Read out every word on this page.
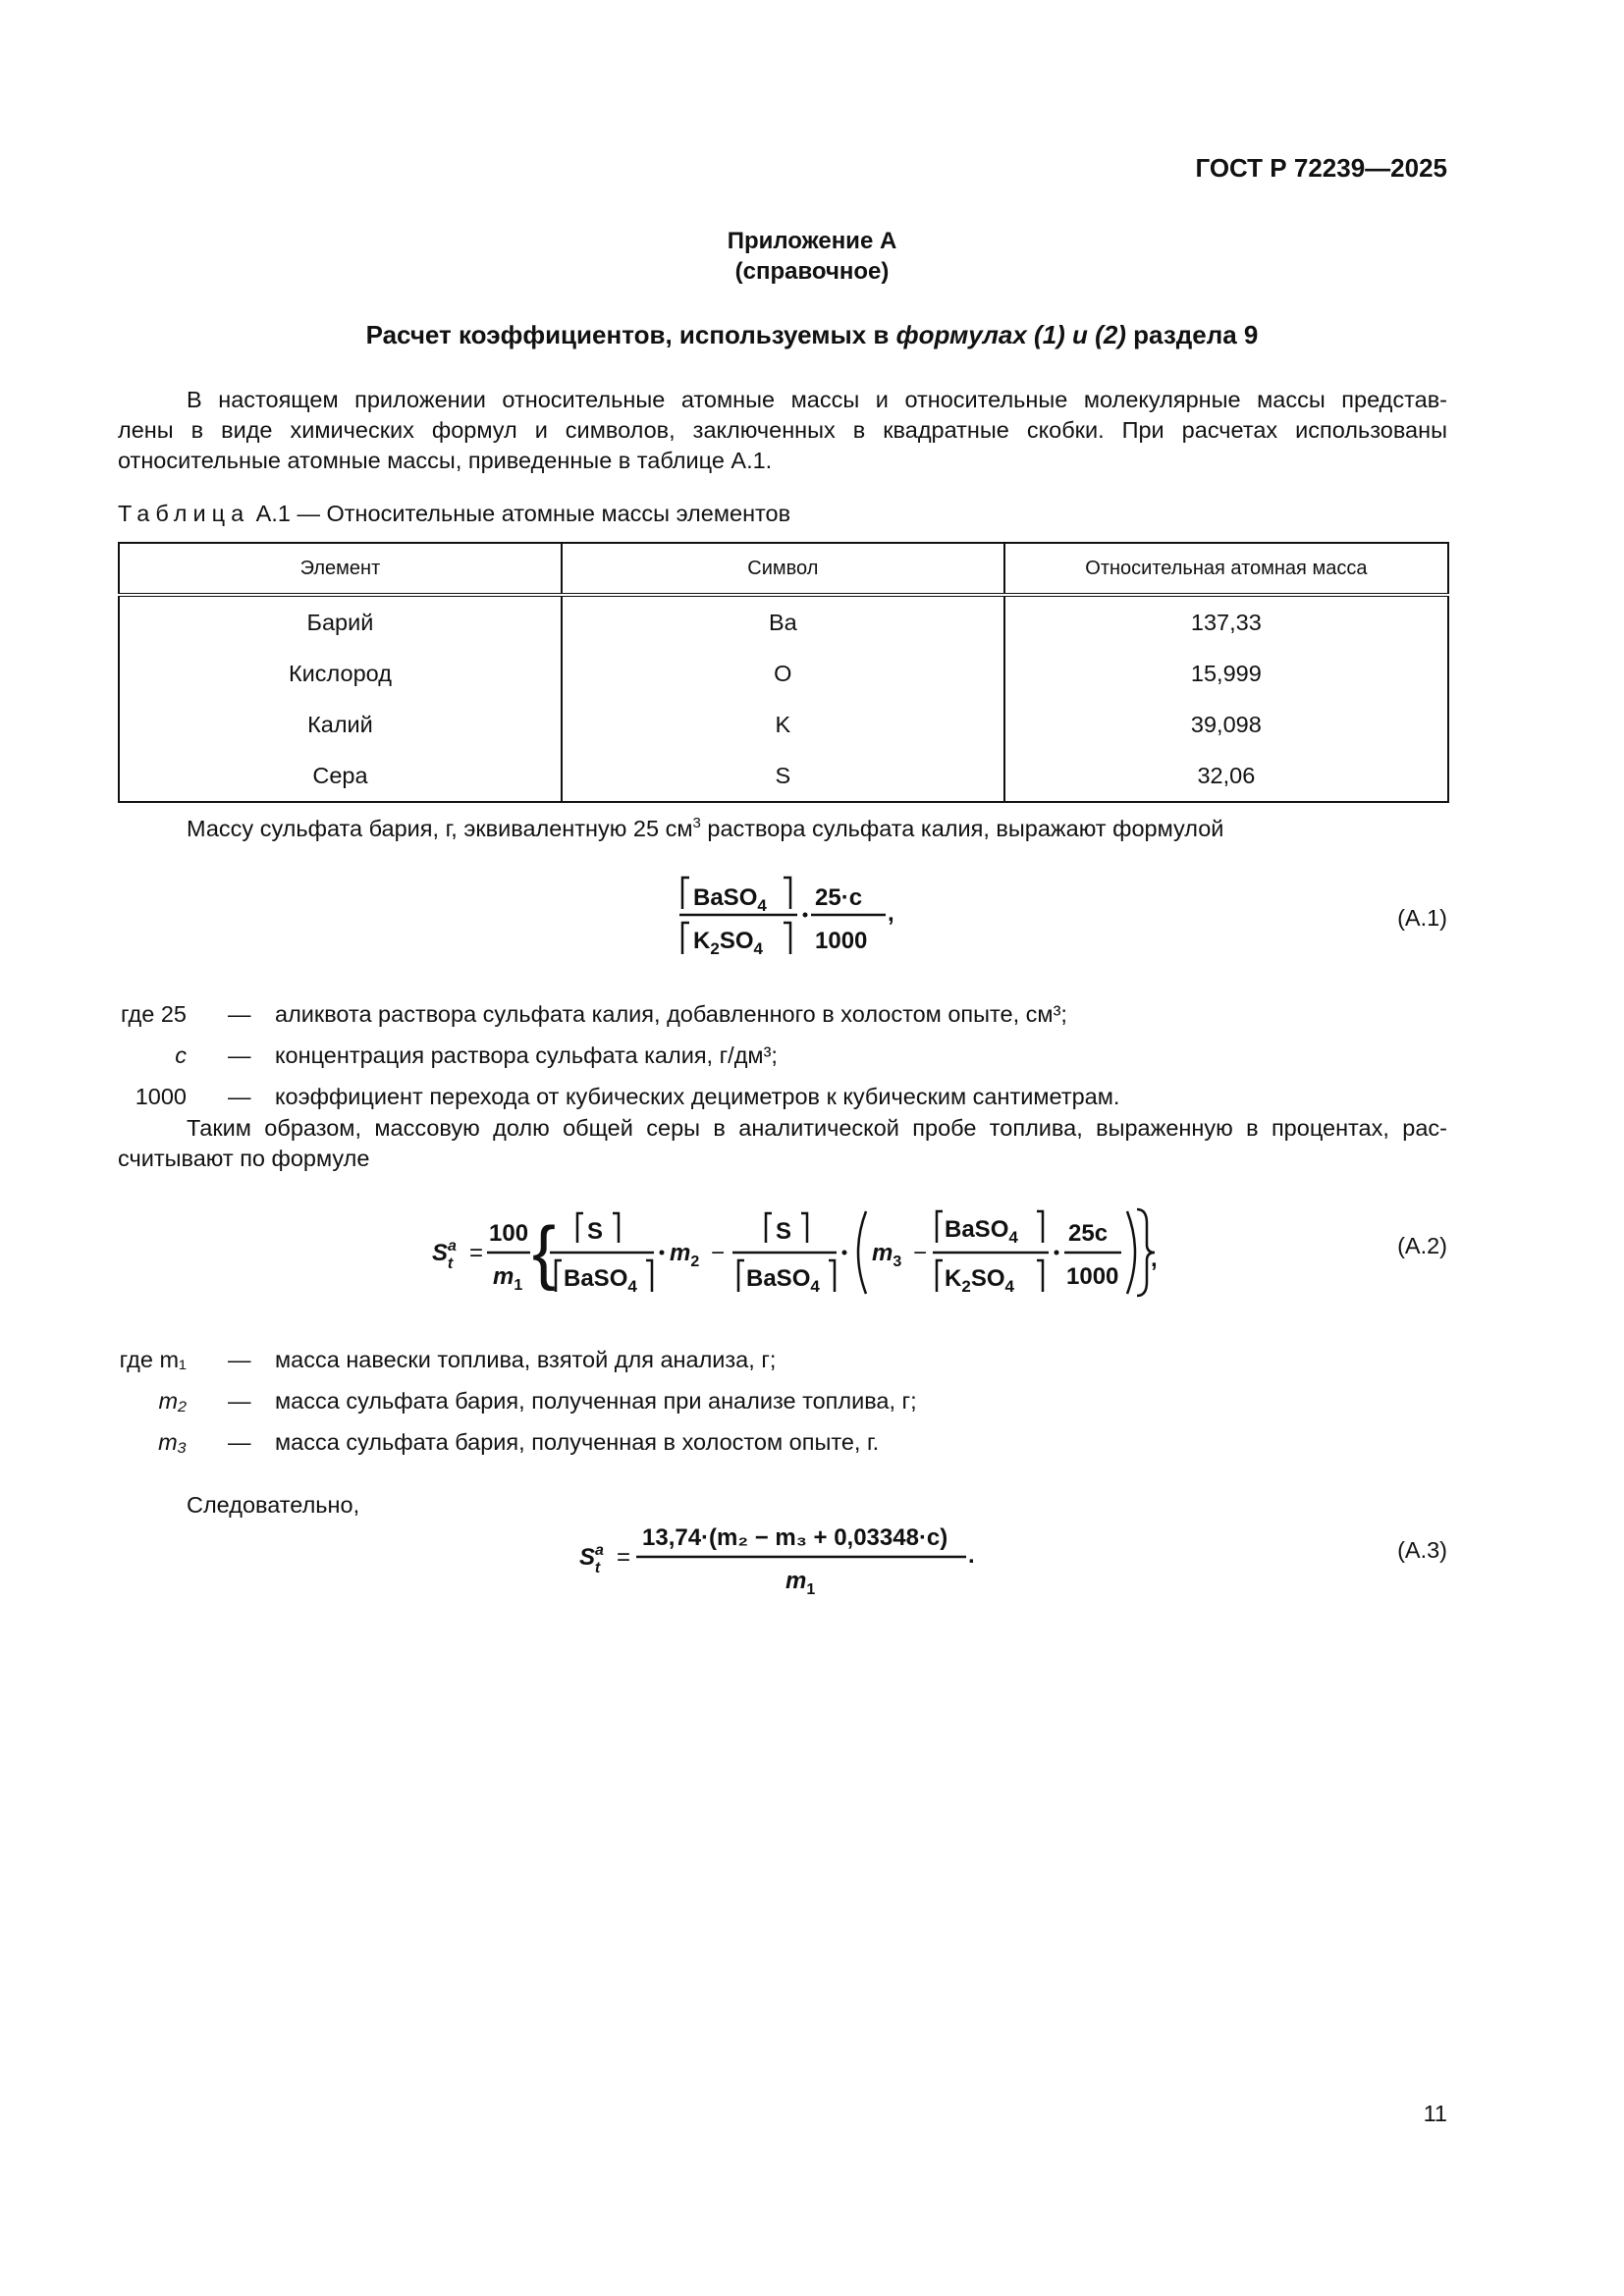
ГОСТ Р 72239—2025
Приложение А
(справочное)
Расчет коэффициентов, используемых в формулах (1) и (2) раздела 9
В настоящем приложении относительные атомные массы и относительные молекулярные массы представ-
лены в виде химических формул и символов, заключенных в квадратные скобки. При расчетах использованы
относительные атомные массы, приведенные в таблице А.1.
Таблица А.1 — Относительные атомные массы элементов
Элемент	Символ	Относительная атомная масса
Барий	Ba	137,33
Кислород	O	15,999
Калий	K	39,098
Сера	S	32,06
Массу сульфата бария, г, эквивалентную 25 $см^3$ раствора сульфата калия, выражают формулой
BaSO$_4$
$K_2SO_4$
25·c
1000
,	(A.1)
где 25 — аликвота раствора сульфата калия, добавленного в холостом опыте, см³;
c — концентрация раствора сульфата калия, г/дм³;
1000 — коэффициент перехода от кубических дециметров к кубическим сантиметрам.
Таким образом, массовую долю общей серы в аналитической пробе топлива, выраженную в процентах, рас-
считывают по формуле
$S^a$ t =
100
$m_1$ { S
BaSO$_4$
$m_2$ −
S
BaSO$_4$
$m_3$ −
BaSO$_4$
$K_2SO_4$
25c
1000
,	(A.2)
где m₁ — масса навески топлива, взятой для анализа, г;
m₂ — масса сульфата бария, полученная при анализе топлива, г;
m₃ — масса сульфата бария, полученная в холостом опыте, г.
Следовательно,
$S^a$ t =
13,74·(m₂ − m₃ + 0,03348·c)
$m_1$
.	(A.3)
11
